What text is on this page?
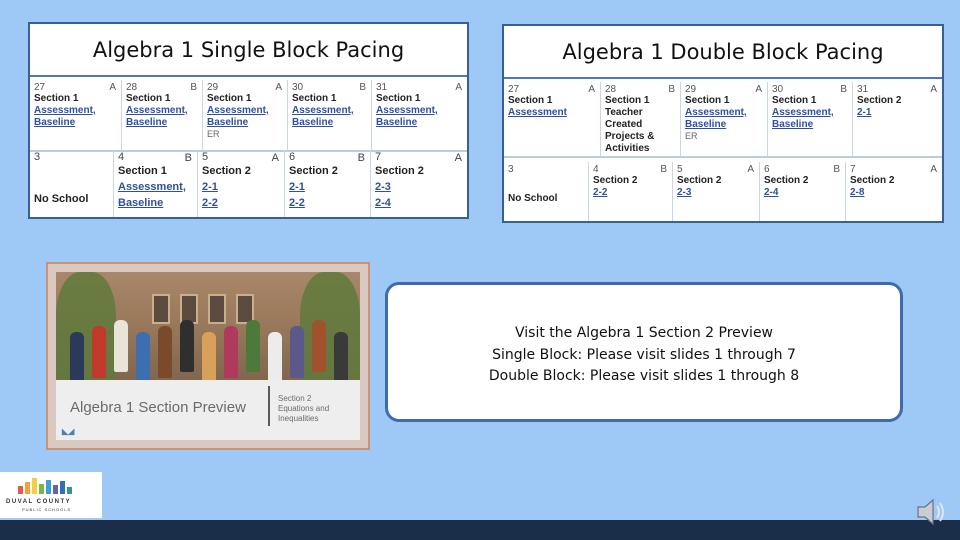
Algebra 1 Single Block Pacing
27	A
Section 1
Assessment,
Baseline
28	B
Section 1
Assessment,
Baseline
29	A
Section 1
Assessment,
Baseline
ER
30	B
Section 1
Assessment,
Baseline
31	A
Section 1
Assessment,
Baseline
3
No School
4	B
Section 1
Assessment,
Baseline
5	A
Section 2
2-1
2-2
6	B
Section 2
2-1
2-2
7	A
Section 2
2-3
2-4
Algebra 1 Double Block Pacing
27	A
Section 1
Assessment
28	B
Section 1
Teacher
Created
Projects &
Activities
29	A
Section 1
Assessment,
Baseline
ER
30	B
Section 1
Assessment,
Baseline
31	A
Section 2
2-1
3
No School
4	B
Section 2
2-2
5	A
Section 2
2-3
6	B
Section 2
2-4
7	A
Section 2
2-8
Algebra 1 Section Preview
Section 2
Equations and
Inequalities
◣◢
Visit the Algebra 1 Section 2 Preview
Single Block: Please visit slides 1 through 7
Double Block: Please visit slides 1 through 8
DUVAL COUNTY
PUBLIC SCHOOLS
